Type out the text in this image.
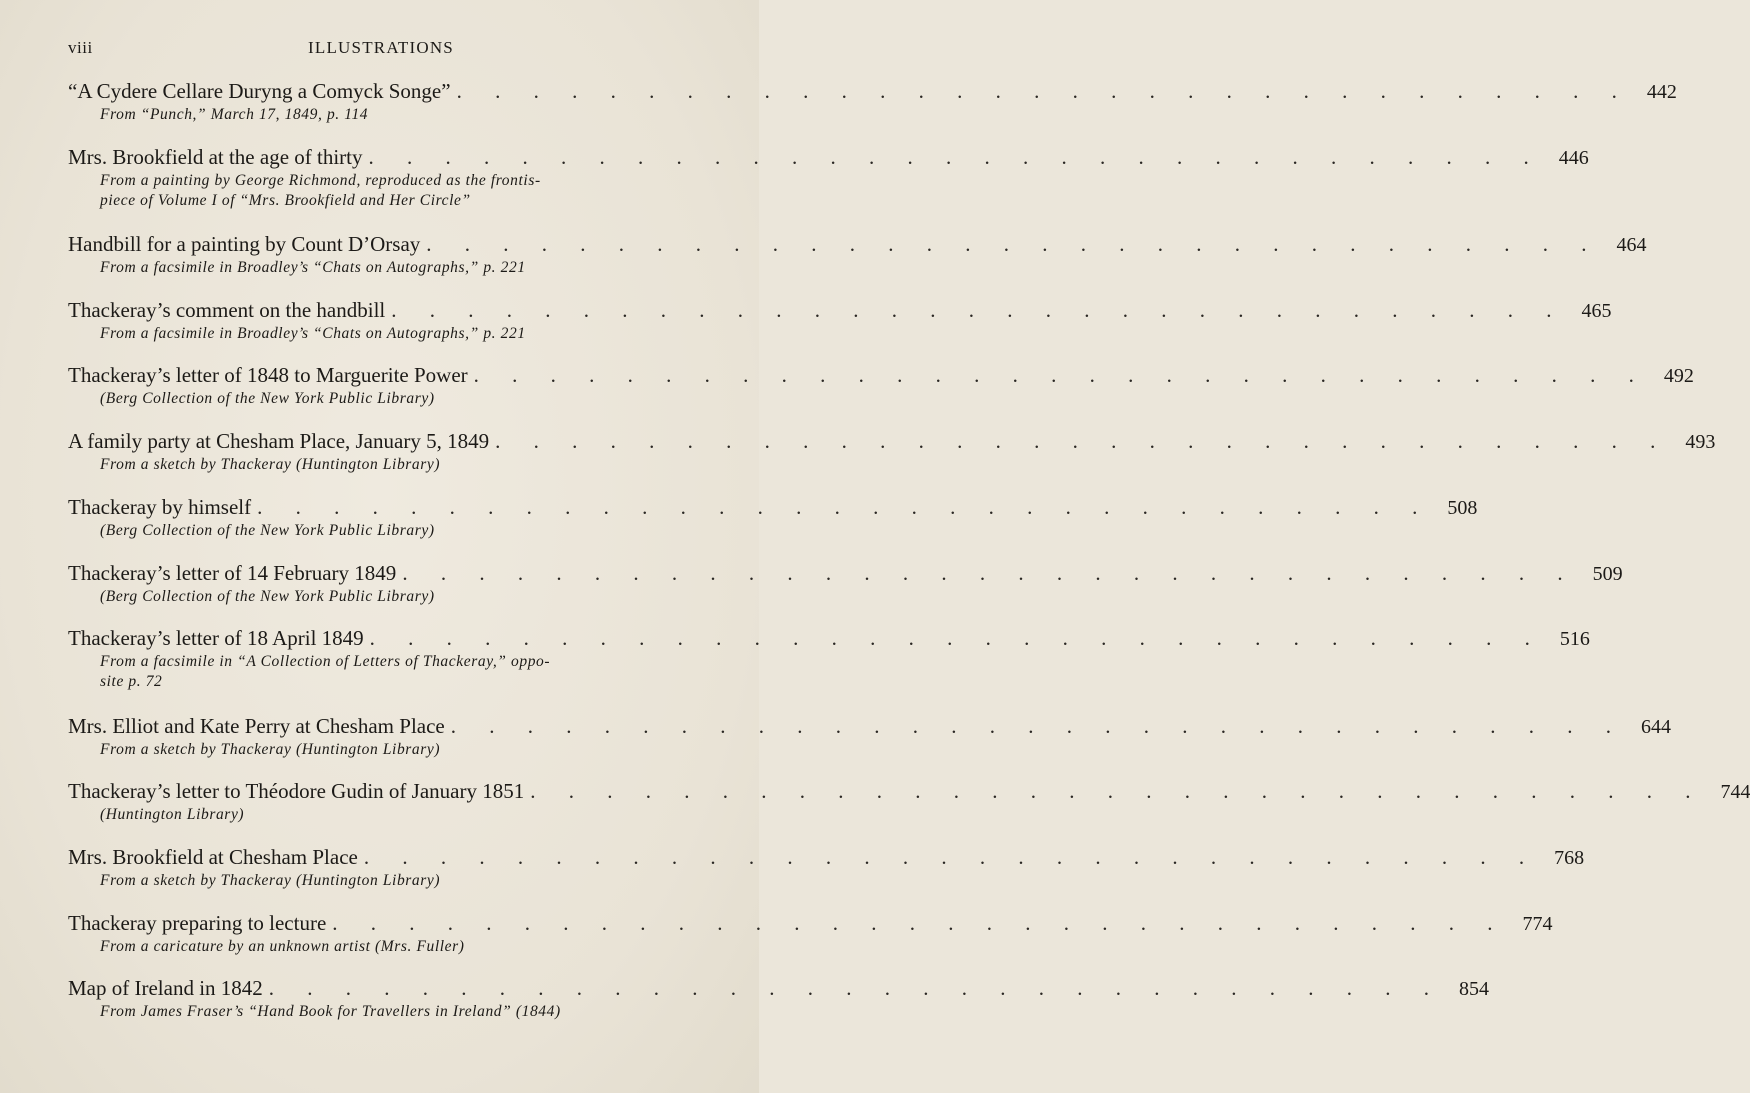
viii	ILLUSTRATIONS
“A Cydere Cellare Duryng a Comyck Songe” . . . . . . . . . . . . . . . . . . . . . . . . . . . . . . . 442
From “Punch,” March 17, 1849, p. 114
Mrs. Brookfield at the age of thirty . . . . . . . . . . . . . . . . . . . . . . . . . . . . . . . 446
From a painting by George Richmond, reproduced as the frontis-
piece of Volume I of “Mrs. Brookfield and Her Circle”
Handbill for a painting by Count D’Orsay . . . . . . . . . . . . . . . . . . . . . . . . . . . . . . . 464
From a facsimile in Broadley’s “Chats on Autographs,” p. 221
Thackeray’s comment on the handbill . . . . . . . . . . . . . . . . . . . . . . . . . . . . . . . 465
From a facsimile in Broadley’s “Chats on Autographs,” p. 221
Thackeray’s letter of 1848 to Marguerite Power . . . . . . . . . . . . . . . . . . . . . . . . . . . . . . . 492
(Berg Collection of the New York Public Library)
A family party at Chesham Place, January 5, 1849 . . . . . . . . . . . . . . . . . . . . . . . . . . . . . . . 493
From a sketch by Thackeray (Huntington Library)
Thackeray by himself . . . . . . . . . . . . . . . . . . . . . . . . . . . . . . . 508
(Berg Collection of the New York Public Library)
Thackeray’s letter of 14 February 1849 . . . . . . . . . . . . . . . . . . . . . . . . . . . . . . . 509
(Berg Collection of the New York Public Library)
Thackeray’s letter of 18 April 1849 . . . . . . . . . . . . . . . . . . . . . . . . . . . . . . . 516
From a facsimile in “A Collection of Letters of Thackeray,” oppo-
site p. 72
Mrs. Elliot and Kate Perry at Chesham Place . . . . . . . . . . . . . . . . . . . . . . . . . . . . . . . 644
From a sketch by Thackeray (Huntington Library)
Thackeray’s letter to Théodore Gudin of January 1851 . . . . . . . . . . . . . . . . . . . . . . . . . . . . . . . 744
(Huntington Library)
Mrs. Brookfield at Chesham Place . . . . . . . . . . . . . . . . . . . . . . . . . . . . . . . 768
From a sketch by Thackeray (Huntington Library)
Thackeray preparing to lecture . . . . . . . . . . . . . . . . . . . . . . . . . . . . . . . 774
From a caricature by an unknown artist (Mrs. Fuller)
Map of Ireland in 1842 . . . . . . . . . . . . . . . . . . . . . . . . . . . . . . . 854
From James Fraser’s “Hand Book for Travellers in Ireland” (1844)
